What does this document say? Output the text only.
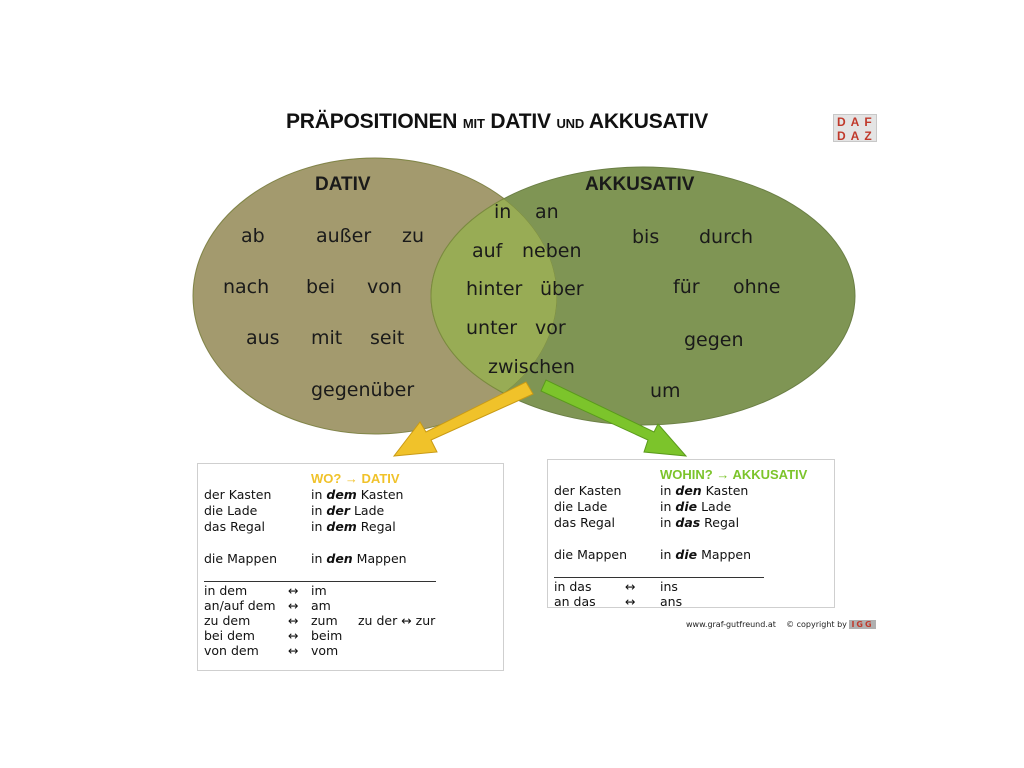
PRÄPOSITIONEN MIT DATIV UND AKKUSATIV	DAF
DAZ
DATIV	AKKUSATIV
ab	außer zu
nach bei von
aus mit seit
gegenüber
in an
auf neben
hinter über
unter vor
zwischen
bis durch
für ohne
gegen
um
WO? → DATIV
der Kasten	in dem Kasten
die Lade	in der Lade
das Regal	in dem Regal
die Mappen	in den Mappen
in dem	↔ im
an/auf dem ↔ am
zu dem	↔ zum zu der ↔ zur
bei dem	↔ beim
von dem ↔ vom
WOHIN? → AKKUSATIV
der Kasten	in den Kasten
die Lade	in die Lade
das Regal	in das Regal
die Mappen	in die Mappen
in das	↔ ins
an das ↔ ans
www.graf-gutfreund.at © copyright by IGG
